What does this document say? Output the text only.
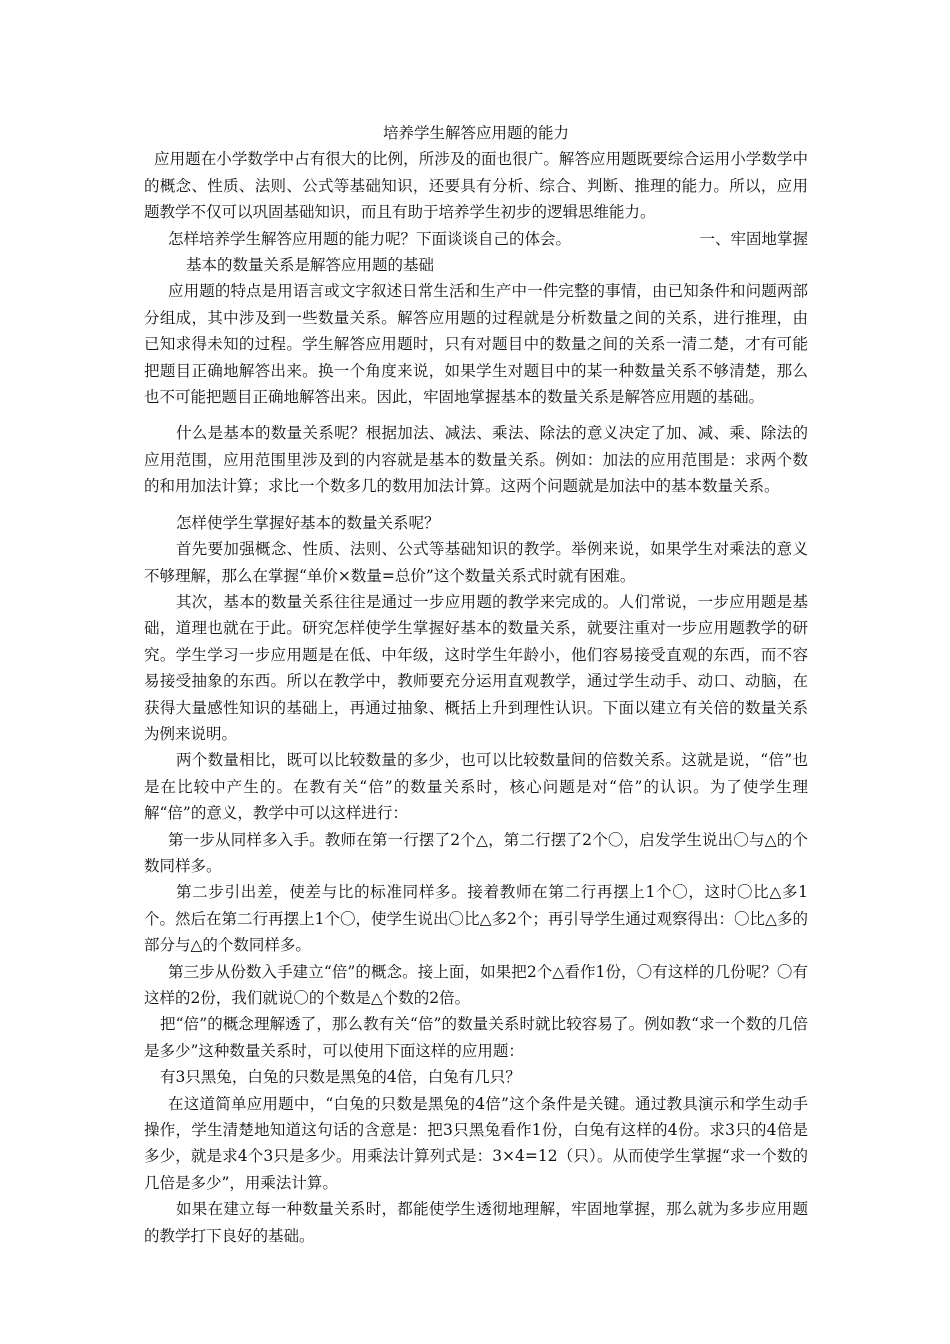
培养学生解答应用题的能力

应用题在小学数学中占有很大的比例，所涉及的面也很广。解答应用题既要综合运用小学数学中的概念、性质、法则、公式等基础知识，还要具有分析、综合、判断、推理的能力。所以，应用题教学不仅可以巩固基础知识，而且有助于培养学生初步的逻辑思维能力。

怎样培养学生解答应用题的能力呢？下面谈谈自己的体会。	一、牢固地掌握

基本的数量关系是解答应用题的基础

应用题的特点是用语言或文字叙述日常生活和生产中一件完整的事情，由已知条件和问题两部分组成，其中涉及到一些数量关系。解答应用题的过程就是分析数量之间的关系，进行推理，由已知求得未知的过程。学生解答应用题时，只有对题目中的数量之间的关系一清二楚，才有可能把题目正确地解答出来。换一个角度来说，如果学生对题目中的某一种数量关系不够清楚，那么也不可能把题目正确地解答出来。因此，牢固地掌握基本的数量关系是解答应用题的基础。

什么是基本的数量关系呢？根据加法、减法、乘法、除法的意义决定了加、减、乘、除法的应用范围，应用范围里涉及到的内容就是基本的数量关系。例如：加法的应用范围是：求两个数的和用加法计算；求比一个数多几的数用加法计算。这两个问题就是加法中的基本数量关系。

怎样使学生掌握好基本的数量关系呢？

首先要加强概念、性质、法则、公式等基础知识的教学。举例来说，如果学生对乘法的意义不够理解，那么在掌握“单价×数量=总价”这个数量关系式时就有困难。

其次，基本的数量关系往往是通过一步应用题的教学来完成的。人们常说，一步应用题是基础，道理也就在于此。研究怎样使学生掌握好基本的数量关系，就要注重对一步应用题教学的研究。学生学习一步应用题是在低、中年级，这时学生年龄小，他们容易接受直观的东西，而不容易接受抽象的东西。所以在教学中，教师要充分运用直观教学，通过学生动手、动口、动脑，在获得大量感性知识的基础上，再通过抽象、概括上升到理性认识。下面以建立有关倍的数量关系为例来说明。

两个数量相比，既可以比较数量的多少，也可以比较数量间的倍数关系。这就是说，“倍”也是在比较中产生的。在教有关“倍”的数量关系时，核心问题是对“倍”的认识。为了使学生理解“倍”的意义，教学中可以这样进行：

第一步从同样多入手。教师在第一行摆了2个△，第二行摆了2个〇，启发学生说出〇与△的个数同样多。

第二步引出差，使差与比的标准同样多。接着教师在第二行再摆上1个〇，这时〇比△多1个。然后在第二行再摆上1个〇，使学生说出〇比△多2个；再引导学生通过观察得出：〇比△多的部分与△的个数同样多。

第三步从份数入手建立“倍”的概念。接上面，如果把2个△看作1份，〇有这样的几份呢？〇有这样的2份，我们就说〇的个数是△个数的2倍。

把“倍”的概念理解透了，那么教有关“倍”的数量关系时就比较容易了。例如教“求一个数的几倍是多少”这种数量关系时，可以使用下面这样的应用题：

有3只黑兔，白兔的只数是黑兔的4倍，白兔有几只？

在这道简单应用题中，“白兔的只数是黑兔的4倍”这个条件是关键。通过教具演示和学生动手操作，学生清楚地知道这句话的含意是：把3只黑兔看作1份，白兔有这样的4份。求3只的4倍是多少，就是求4个3只是多少。用乘法计算列式是：3×4=12（只）。从而使学生掌握“求一个数的几倍是多少”，用乘法计算。

如果在建立每一种数量关系时，都能使学生透彻地理解，牢固地掌握，那么就为多步应用题的教学打下良好的基础。
